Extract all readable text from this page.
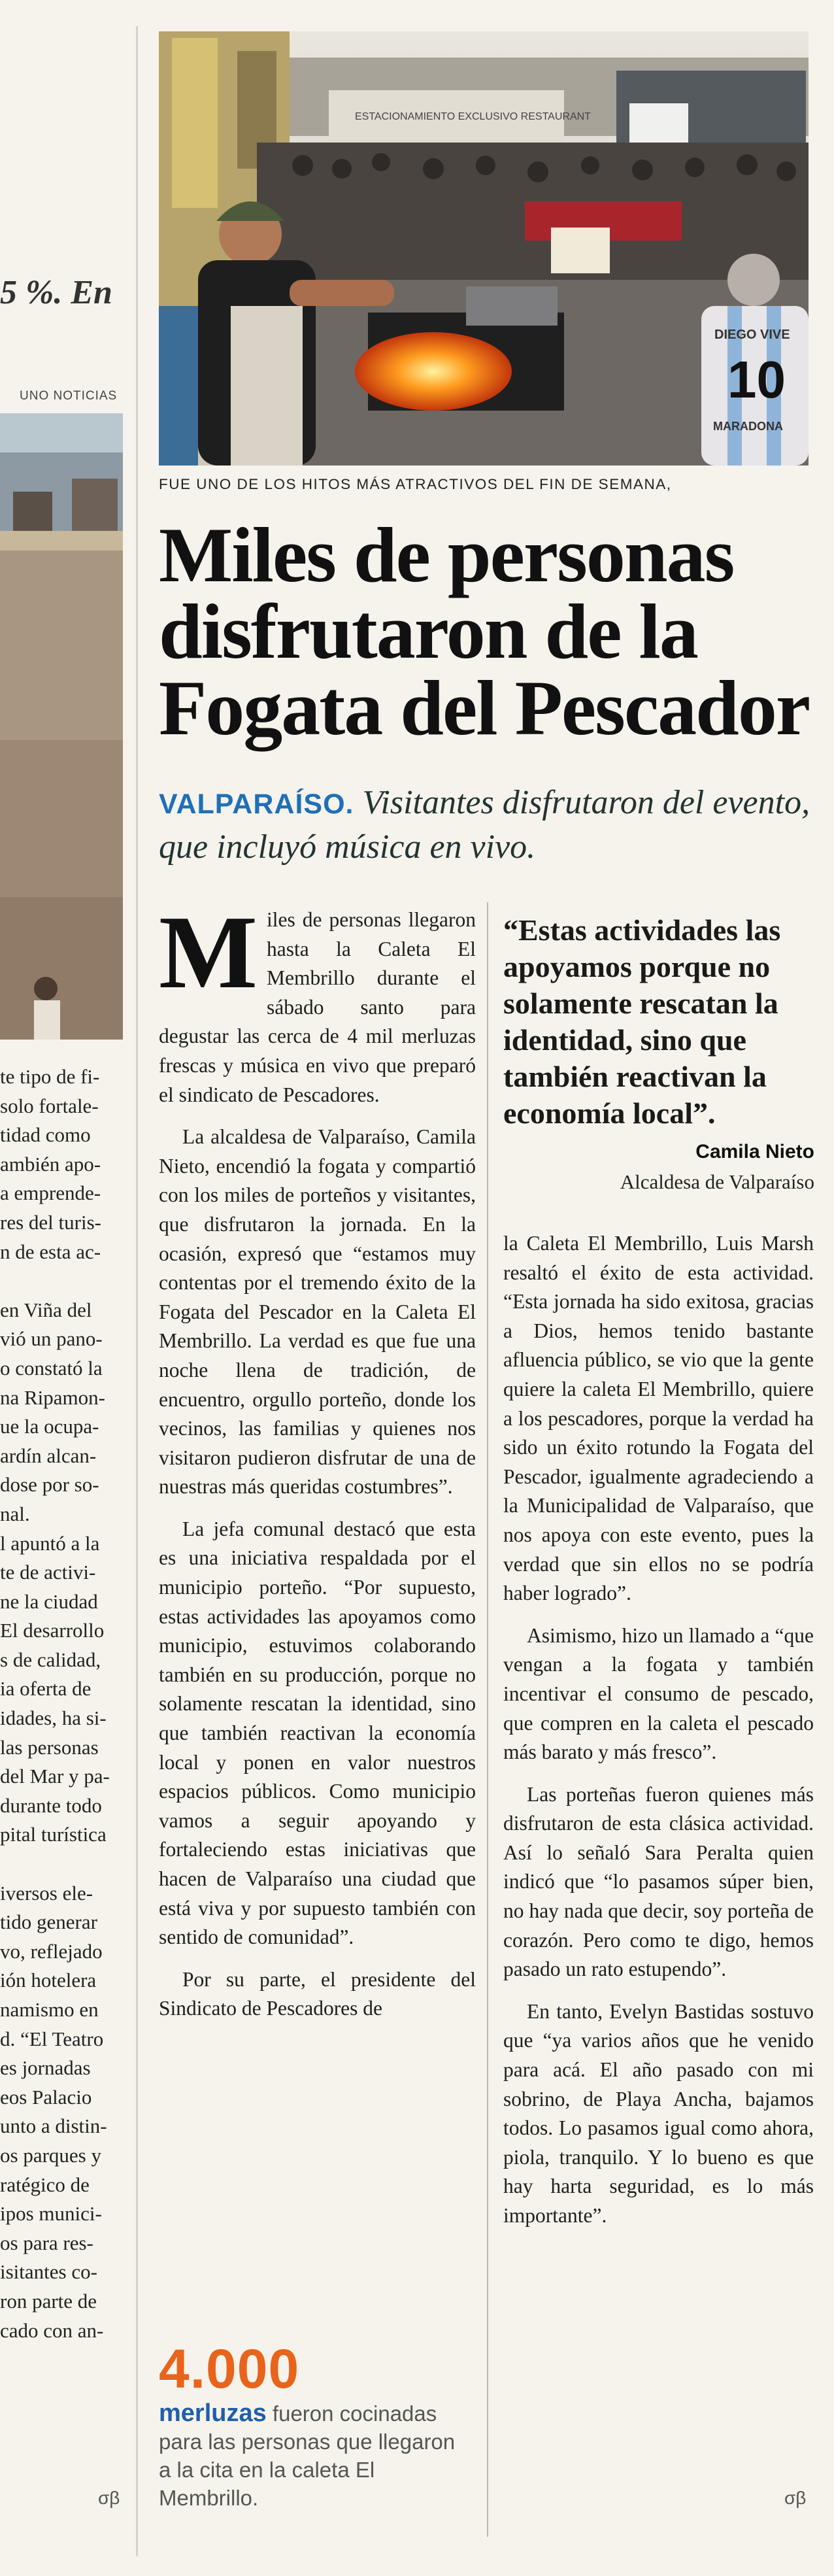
5 %. En
UNO NOTICIAS
te tipo de fi-
solo fortale-
tidad como
ambién apo-
a emprende-
res del turis-
n de esta ac-
en Viña del
vió un pano-
o constató la
na Ripamon-
ue la ocupa-
ardín alcan-
dose por so-
nal.
l apuntó a la
te de activi-
ne la ciudad
El desarrollo
s de calidad,
ia oferta de
idades, ha si-
las personas
del Mar y pa-
durante todo
pital turística
iversos ele-
tido generar
vo, reflejado
ión hotelera
namismo en
d. “El Teatro
es jornadas
eos Palacio
unto a distin-
os parques y
ratégico de
ipos munici-
os para res-
isitantes co-
ron parte de
cado con an-
σβ
ESTACIONAMIENTO EXCLUSIVO RESTAURANT
DIEGO VIVE
10
MARADONA
FUE UNO DE LOS HITOS MÁS ATRACTIVOS DEL FIN DE SEMANA,
Miles de personas disfrutaron de la Fogata del Pescador
VALPARAÍSO. Visitantes disfrutaron del evento, que incluyó música en vivo.

Miles de personas llegaron hasta la Caleta El Membrillo durante el sábado santo para degustar las cerca de 4 mil merluzas frescas y música en vivo que preparó el sindicato de Pescadores.

La alcaldesa de Valparaíso, Camila Nieto, encendió la fogata y compartió con los miles de porteños y visitantes, que disfrutaron la jornada. En la ocasión, expresó que “estamos muy contentas por el tremendo éxito de la Fogata del Pescador en la Caleta El Membrillo. La verdad es que fue una noche llena de tradición, de encuentro, orgullo porteño, donde los vecinos, las familias y quienes nos visitaron pudieron disfrutar de una de nuestras más queridas costumbres”.

La jefa comunal destacó que esta es una iniciativa respaldada por el municipio porteño. “Por supuesto, estas actividades las apoyamos como municipio, estuvimos colaborando también en su producción, porque no solamente rescatan la identidad, sino que también reactivan la economía local y ponen en valor nuestros espacios públicos. Como municipio vamos a seguir apoyando y fortaleciendo estas iniciativas que hacen de Valparaíso una ciudad que está viva y por supuesto también con sentido de comunidad”.

Por su parte, el presidente del Sindicato de Pescadores de

“Estas actividades las apoyamos porque no solamente rescatan la identidad, sino que también reactivan la economía local”.
Camila Nieto
Alcaldesa de Valparaíso

la Caleta El Membrillo, Luis Marsh resaltó el éxito de esta actividad. “Esta jornada ha sido exitosa, gracias a Dios, hemos tenido bastante afluencia público, se vio que la gente quiere la caleta El Membrillo, quiere a los pescadores, porque la verdad ha sido un éxito rotundo la Fogata del Pescador, igualmente agradeciendo a la Municipalidad de Valparaíso, que nos apoya con este evento, pues la verdad que sin ellos no se podría haber logrado”.

Asimismo, hizo un llamado a “que vengan a la fogata y también incentivar el consumo de pescado, que compren en la caleta el pescado más barato y más fresco”.

Las porteñas fueron quienes más disfrutaron de esta clásica actividad. Así lo señaló Sara Peralta quien indicó que “lo pasamos súper bien, no hay nada que decir, soy porteña de corazón. Pero como te digo, hemos pasado un rato estupendo”.

En tanto, Evelyn Bastidas sostuvo que “ya varios años que he venido para acá. El año pasado con mi sobrino, de Playa Ancha, bajamos todos. Lo pasamos igual como ahora, piola, tranquilo. Y lo bueno es que hay harta seguridad, es lo más importante”.

σβ
4.000
merluzas fueron cocinadas para las personas que llegaron a la cita en la caleta El Membrillo.
